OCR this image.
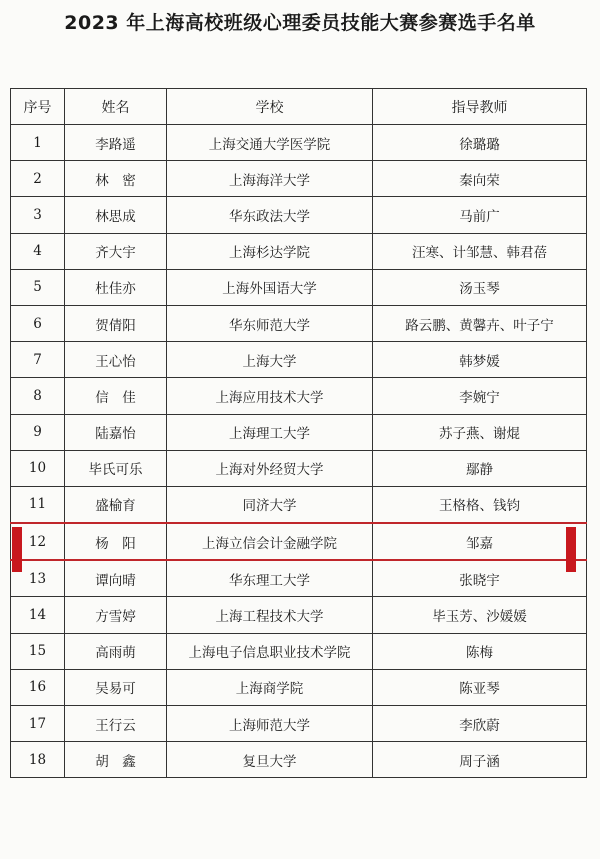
2023 年上海高校班级心理委员技能大赛参赛选手名单
序号	姓名	学校	指导教师
1	李路遥	上海交通大学医学院	徐璐璐
2	林　密	上海海洋大学	秦向荣
3	林思成	华东政法大学	马前广
4	齐大宇	上海杉达学院	汪寒、计邹慧、韩君蓓
5	杜佳亦	上海外国语大学	汤玉琴
6	贺倩阳	华东师范大学	路云鹏、黄馨卉、叶子宁
7	王心怡	上海大学	韩梦媛
8	信　佳	上海应用技术大学	李婉宁
9	陆嘉怡	上海理工大学	苏子燕、谢焜
10	毕氏可乐	上海对外经贸大学	鄢静
11	盛榆育	同济大学	王格格、钱钧
12	杨　阳	上海立信会计金融学院	邹嘉
13	谭向晴	华东理工大学	张晓宇
14	方雪婷	上海工程技术大学	毕玉芳、沙媛媛
15	高雨萌	上海电子信息职业技术学院	陈梅
16	吴易可	上海商学院	陈亚琴
17	王行云	上海师范大学	李欣蔚
18	胡　鑫	复旦大学	周子涵
